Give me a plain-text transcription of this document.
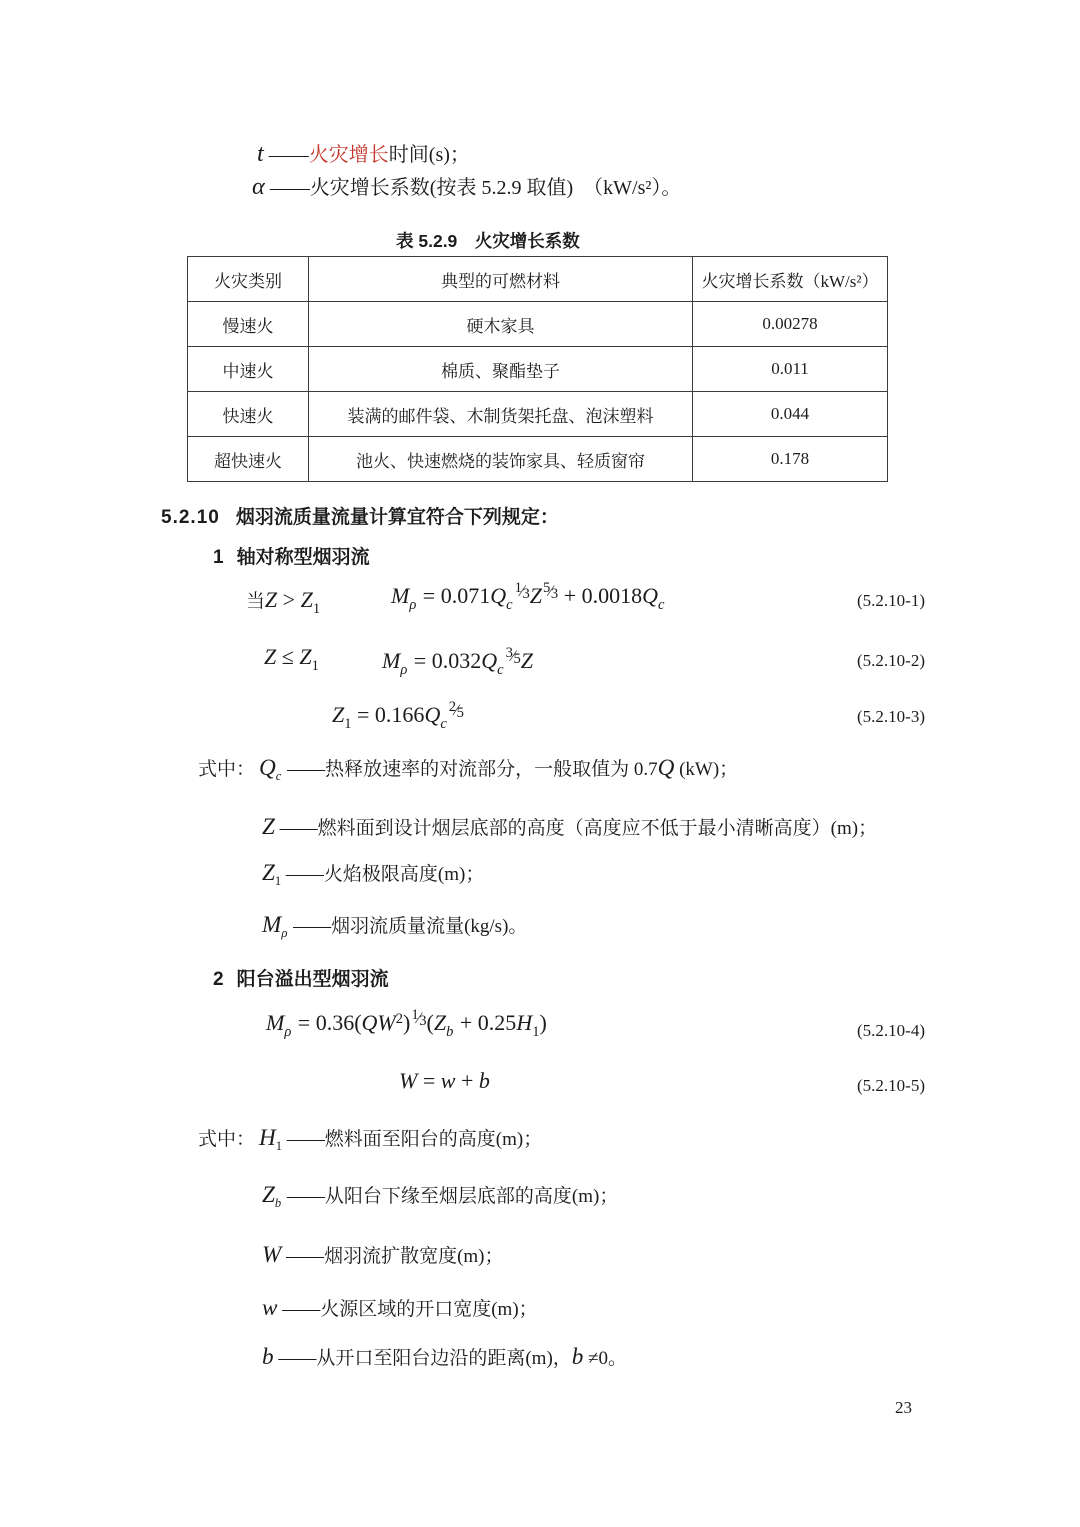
t ——火灾增长时间(s)；
α ——火灾增长系数(按表 5.2.9 取值)　（kW/s²）。
表 5.2.9　火灾增长系数
火灾类别	典型的可燃材料	火灾增长系数（kW/s²）
慢速火	硬木家具	0.00278
中速火	棉质、聚酯垫子	0.011
快速火	装满的邮件袋、木制货架托盘、泡沫塑料	0.044
超快速火	池火、快速燃烧的装饰家具、轻质窗帘	0.178
5.2.10 烟羽流质量流量计算宜符合下列规定：
1 轴对称型烟羽流
当$Z > Z_1$
$M_\rho$ = $0.071Q_c1⁄3Z5⁄3 + 0.0018Q_c$	(5.2.10-1)
$Z \le Z_1$	$M_\rho$ = $0.032Q_c3⁄5Z$	(5.2.10-2)
$Z_1$ = $0.166Q_c2⁄5$	(5.2.10-3)
式中： $Q_c$ ——热释放速率的对流部分，一般取值为 0.7Q (kW)；
Z ——燃料面到设计烟层底部的高度（高度应不低于最小清晰高度）(m)；
$Z_1$ ——火焰极限高度(m)；
$M_\rho$ ——烟羽流质量流量(kg/s)。
2 阳台溢出型烟羽流
$M_\rho$ = $0.36(QW^2)1⁄3(Z_b + 0.25H_1)$	(5.2.10-4)
W = w + b	(5.2.10-5)
式中： $H_1$ ——燃料面至阳台的高度(m)；
$Z_b$ ——从阳台下缘至烟层底部的高度(m)；
W ——烟羽流扩散宽度(m)；
w ——火源区域的开口宽度(m)；
b ——从开口至阳台边沿的距离(m)，b ≠0。
23
